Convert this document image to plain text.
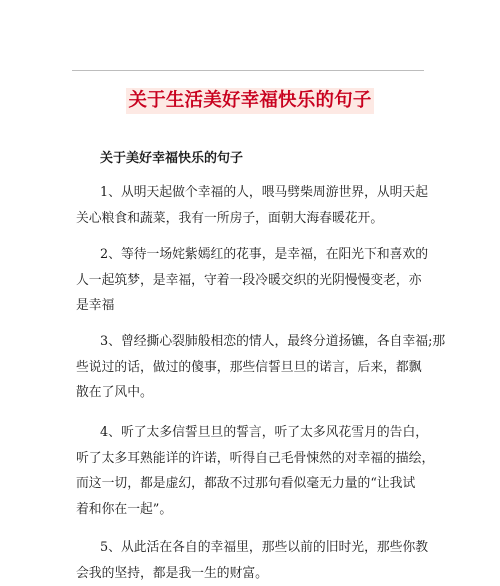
关于生活美好幸福快乐的句子
关于美好幸福快乐的句子
1、从明天起做个幸福的人，喂马劈柴周游世界，从明天起
关心粮食和蔬菜，我有一所房子，面朝大海春暖花开。
2、等待一场姹紫嫣红的花事，是幸福，在阳光下和喜欢的
人一起筑梦，是幸福，守着一段冷暖交织的光阴慢慢变老，亦
是幸福
3、曾经撕心裂肺般相恋的情人，最终分道扬镳，各自幸福;那
些说过的话，做过的傻事，那些信誓旦旦的诺言，后来，都飘
散在了风中。
4、听了太多信誓旦旦的誓言，听了太多风花雪月的告白，
听了太多耳熟能详的许诺，听得自己毛骨悚然的对幸福的描绘，
而这一切，都是虚幻，都敌不过那句看似毫无力量的“让我试
着和你在一起”。
5、从此活在各自的幸福里，那些以前的旧时光，那些你教
会我的坚持，都是我一生的财富。
